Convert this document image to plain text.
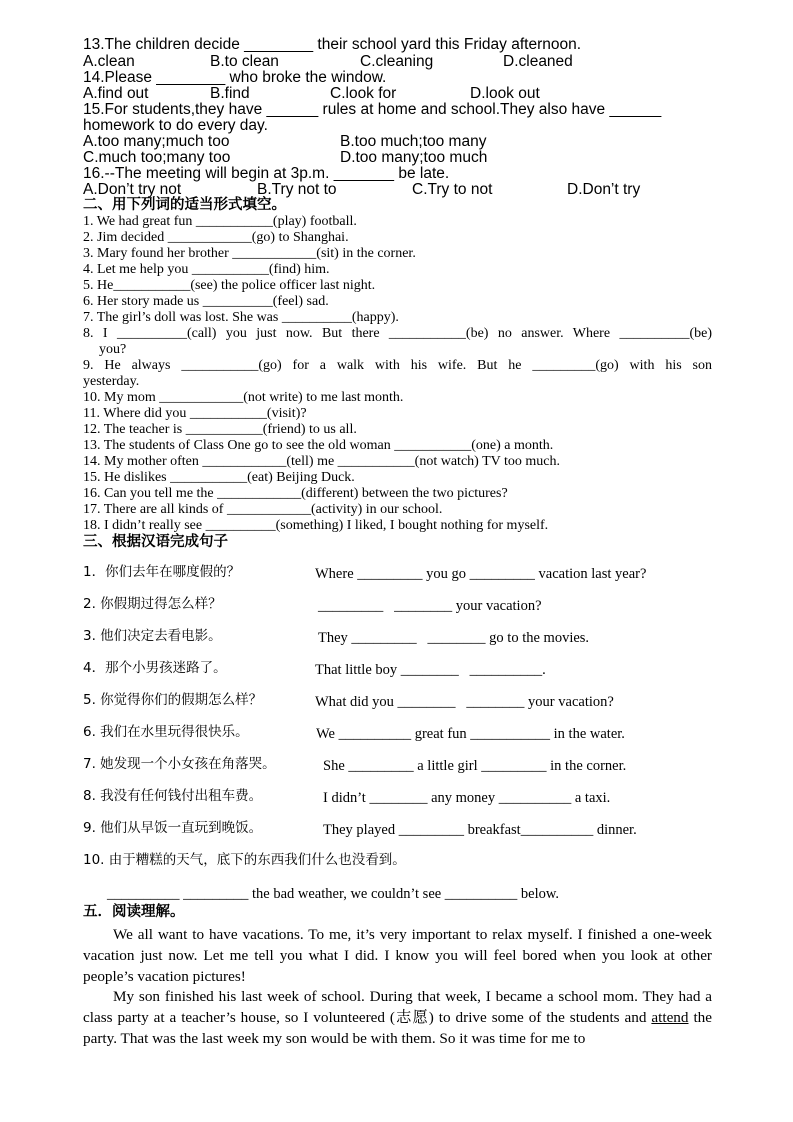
13.The children decide ________ their school yard this Friday afternoon.
A.clean	B.to clean	C.cleaning	D.cleaned
14.Please ________ who broke the window.
A.find out	B.find	C.look for	D.look out
15.For students,they have ______ rules at home and school.They also have ______
homework to do every day.
A.too many;much too	B.too much;too many
C.much too;many too	D.too many;too much
16.--The meeting will begin at 3p.m. _______ be late.
A.Don’t try not	B.Try not to	C.Try to not	D.Don’t try
二、用下列词的适当形式填空。
1. We had great fun ___________(play) football.
2. Jim decided ____________(go) to Shanghai.
3. Mary found her brother ____________(sit) in the corner.
4. Let me help you ___________(find) him.
5. He___________(see) the police officer last night.
6. Her story made us __________(feel) sad.
7. The girl’s doll was lost. She was __________(happy).
8. I __________(call) you just now. But there ___________(be) no answer. Where __________(be)
you?
9. He always ___________(go) for a walk with his wife. But he _________(go) with his son
yesterday.
10. My mom ____________(not write) to me last month.
11. Where did you ___________(visit)?
12. The teacher is ___________(friend) to us all.
13. The students of Class One go to see the old woman ___________(one) a month.
14. My mother often ____________(tell) me ___________(not watch) TV too much.
15. He dislikes ___________(eat) Beijing Duck.
16. Can you tell me the ____________(different) between the two pictures?
17. There are all kinds of ____________(activity) in our school.
18. I didn’t really see __________(something) I liked, I bought nothing for myself.
三、根据汉语完成句子
1．你们去年在哪度假的？	Where _________ you go _________ vacation last year?
2. 你假期过得怎么样？	_________   ________ your vacation?
3. 他们决定去看电影。	They _________   ________ go to the movies.
4．那个小男孩迷路了。	That little boy ________   __________.
5. 你觉得你们的假期怎么样？	What did you ________   ________ your vacation?
6. 我们在水里玩得很快乐。	We __________ great fun ___________ in the water.
7. 她发现一个小女孩在角落哭。	She _________ a little girl _________ in the corner.
8. 我没有任何钱付出租车费。	I didn’t ________ any money __________ a taxi.
9. 他们从早饭一直玩到晚饭。	They played _________ breakfast__________ dinner.
10. 由于糟糕的天气，底下的东西我们什么也没看到。
__________ _________ the bad weather, we couldn’t see __________ below.
五．阅读理解。
We all want to have vacations. To me, it’s very important to relax myself. I finished a one-week vacation just now. Let me tell you what I did. I know you will feel bored when you look at other people’s vacation pictures!
My son finished his last week of school. During that week, I became a school mom. They had a class party at a teacher’s house, so I volunteered (志愿) to drive some of the students and attend the party. That was the last week my son would be with them. So it was time for me to
